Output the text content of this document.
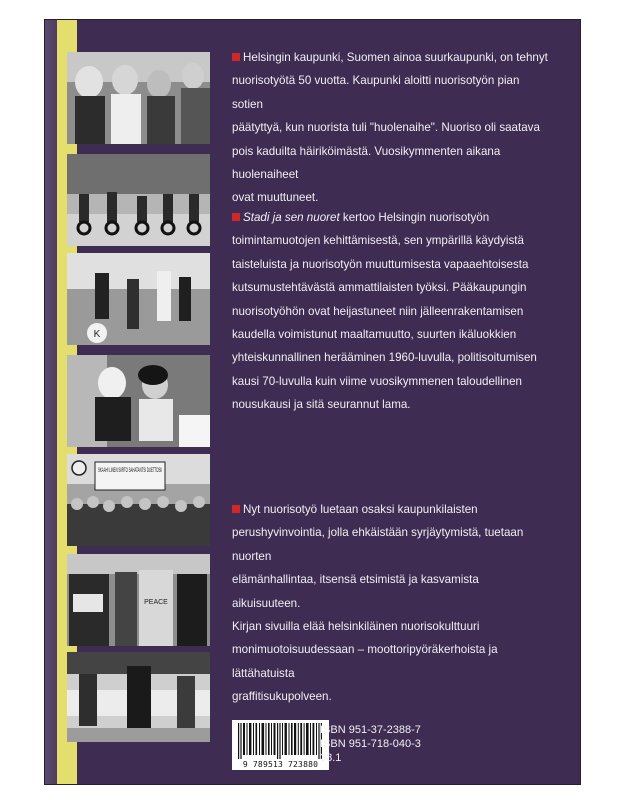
K
SKAAH! LINEN SIIRTO SAHATANTSI DUETTOSII
PEACE

Helsingin kaupunki, Suomen ainoa suurkaupunki, on tehnyt
nuorisotyötä 50 vuotta. Kaupunki aloitti nuorisotyön pian sotien
päätyttyä, kun nuorista tuli "huolenaihe". Nuoriso oli saatava
pois kaduilta häiriköimästä. Vuosikymmenten aikana huolenaiheet
ovat muuttuneet.

Stadi ja sen nuoret kertoo Helsingin nuorisotyön
toimintamuotojen kehittämisestä, sen ympärillä käydyistä
taisteluista ja nuorisotyön muuttumisesta vapaaehtoisesta
kutsumustehtävästä ammattilaisten työksi. Pääkaupungin
nuorisotyöhön ovat heijastuneet niin jälleenrakentamisen
kaudella voimistunut maaltamuutto, suurten ikäluokkien
yhteiskunnallinen herääminen 1960-luvulla, politisoitumisen
kausi 70-luvulla kuin viime vuosikymmenen taloudellinen
nousukausi ja sitä seurannut lama.

Nyt nuorisotyö luetaan osaksi kaupunkilaisten
perushyvinvointia, jolla ehkäistään syrjäytymistä, tuetaan nuorten
elämänhallintaa, itsensä etsimistä ja kasvamista aikuisuuteen.
Kirjan sivuilla elää helsinkiläinen nuorisokulttuuri
monimuotoisuudessaan – moottoripyöräkerhoista ja lättähatuista
graffitisukupolveen.

9 789513 723880
ISBN 951-37-2388-7
ISBN 951-718-040-3
38.1
